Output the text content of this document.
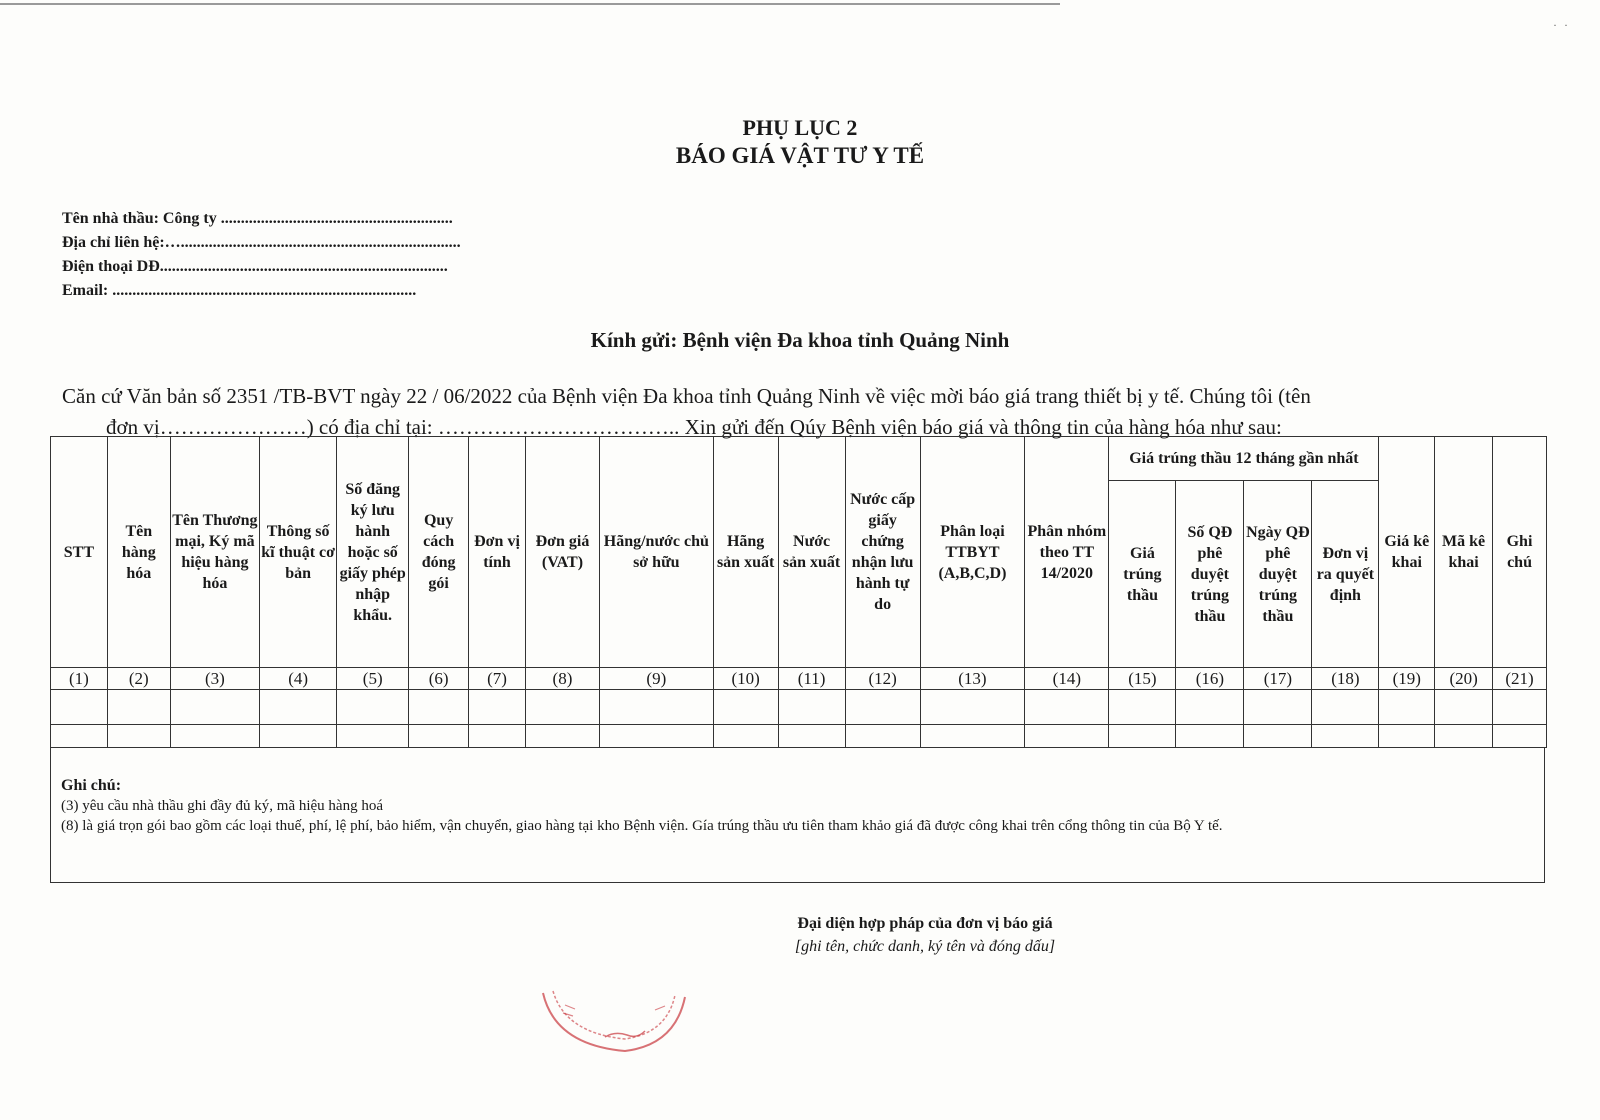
· ·
PHỤ LỤC 2
BÁO GIÁ VẬT TƯ Y TẾ
Tên nhà thầu: Công ty ..........................................................
Địa chỉ liên hệ:…......................................................................
Điện thoại DĐ........................................................................
Email: ............................................................................
Kính gửi: Bệnh viện Đa khoa tỉnh Quảng Ninh
Căn cứ Văn bản số 2351 /TB-BVT ngày 22 / 06/2022 của Bệnh viện Đa khoa tỉnh Quảng Ninh về việc mời báo giá trang thiết bị y tế. Chúng tôi (tên
đơn vị…………………) có địa chỉ tại: …………………………….. Xin gửi đến Qúy Bệnh viện báo giá và thông tin của hàng hóa như sau:
STT	Tên hàng hóa	Tên Thương mại, Ký mã hiệu hàng hóa	Thông số kĩ thuật cơ bản	Số đăng ký lưu hành hoặc số giấy phép nhập khẩu.	Quy cách đóng gói	Đơn vị tính	Đơn giá (VAT)	Hãng/nước chủ sở hữu	Hãng sản xuất	Nước sản xuất	Nước cấp giấy chứng nhận lưu hành tự do	Phân loại TTBYT (A,B,C,D)	Phân nhóm theo TT 14/2020	Giá trúng thầu 12 tháng gần nhất				Giá kê khai	Mã kê khai	Ghi chú
														Giá trúng thầu	Số QĐ phê duyệt trúng thầu	Ngày QĐ phê duyệt trúng thầu	Đơn vị ra quyết định			
(1)	(2)	(3)	(4)	(5)	(6)	(7)	(8)	(9)	(10)	(11)	(12)	(13)	(14)	(15)	(16)	(17)	(18)	(19)	(20)	(21)

Ghi chú:
(3) yêu cầu nhà thầu ghi đầy đủ ký, mã hiệu hàng hoá
(8) là giá trọn gói bao gồm các loại thuế, phí, lệ phí, bảo hiểm, vận chuyển, giao hàng tại kho Bệnh viện. Gía trúng thầu ưu tiên tham khảo giá đã được công khai trên cổng thông tin của Bộ Y tế.
Đại diện hợp pháp của đơn vị báo giá
[ghi tên, chức danh, ký tên và đóng dấu]
